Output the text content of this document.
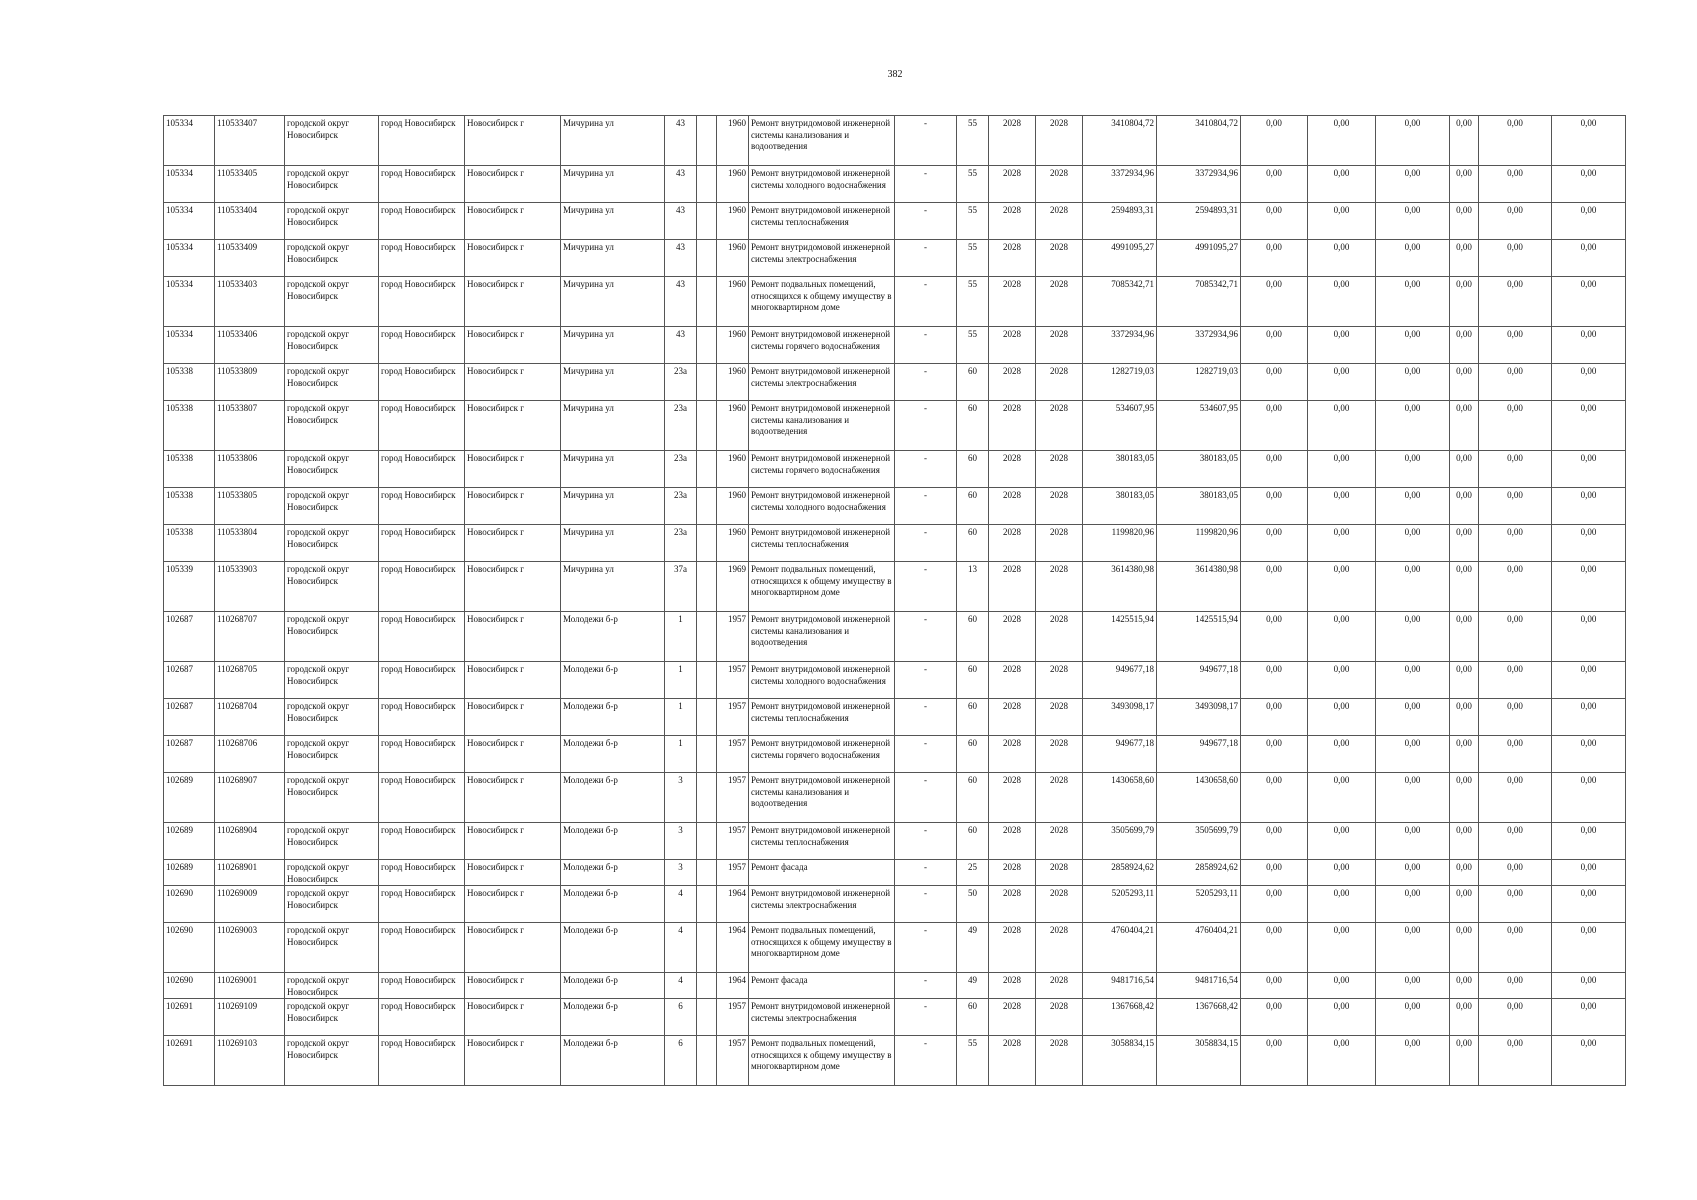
382
105334	110533407	городской округ Новосибирск	город Новосибирск	Новосибирск г	Мичурина ул	43		1960	Ремонт внутридомовой инженерной системы канализования и водоотведения	-	55	2028	2028	3410804,72	3410804,72	0,00	0,00	0,00	0,00	0,00	0,00
105334	110533405	городской округ Новосибирск	город Новосибирск	Новосибирск г	Мичурина ул	43		1960	Ремонт внутридомовой инженерной системы холодного водоснабжения	-	55	2028	2028	3372934,96	3372934,96	0,00	0,00	0,00	0,00	0,00	0,00
105334	110533404	городской округ Новосибирск	город Новосибирск	Новосибирск г	Мичурина ул	43		1960	Ремонт внутридомовой инженерной системы теплоснабжения	-	55	2028	2028	2594893,31	2594893,31	0,00	0,00	0,00	0,00	0,00	0,00
105334	110533409	городской округ Новосибирск	город Новосибирск	Новосибирск г	Мичурина ул	43		1960	Ремонт внутридомовой инженерной системы электроснабжения	-	55	2028	2028	4991095,27	4991095,27	0,00	0,00	0,00	0,00	0,00	0,00
105334	110533403	городской округ Новосибирск	город Новосибирск	Новосибирск г	Мичурина ул	43		1960	Ремонт подвальных помещений, относящихся к общему имуществу в многоквартирном доме	-	55	2028	2028	7085342,71	7085342,71	0,00	0,00	0,00	0,00	0,00	0,00
105334	110533406	городской округ Новосибирск	город Новосибирск	Новосибирск г	Мичурина ул	43		1960	Ремонт внутридомовой инженерной системы горячего водоснабжения	-	55	2028	2028	3372934,96	3372934,96	0,00	0,00	0,00	0,00	0,00	0,00
105338	110533809	городской округ Новосибирск	город Новосибирск	Новосибирск г	Мичурина ул	23а		1960	Ремонт внутридомовой инженерной системы электроснабжения	-	60	2028	2028	1282719,03	1282719,03	0,00	0,00	0,00	0,00	0,00	0,00
105338	110533807	городской округ Новосибирск	город Новосибирск	Новосибирск г	Мичурина ул	23а		1960	Ремонт внутридомовой инженерной системы канализования и водоотведения	-	60	2028	2028	534607,95	534607,95	0,00	0,00	0,00	0,00	0,00	0,00
105338	110533806	городской округ Новосибирск	город Новосибирск	Новосибирск г	Мичурина ул	23а		1960	Ремонт внутридомовой инженерной системы горячего водоснабжения	-	60	2028	2028	380183,05	380183,05	0,00	0,00	0,00	0,00	0,00	0,00
105338	110533805	городской округ Новосибирск	город Новосибирск	Новосибирск г	Мичурина ул	23а		1960	Ремонт внутридомовой инженерной системы холодного водоснабжения	-	60	2028	2028	380183,05	380183,05	0,00	0,00	0,00	0,00	0,00	0,00
105338	110533804	городской округ Новосибирск	город Новосибирск	Новосибирск г	Мичурина ул	23а		1960	Ремонт внутридомовой инженерной системы теплоснабжения	-	60	2028	2028	1199820,96	1199820,96	0,00	0,00	0,00	0,00	0,00	0,00
105339	110533903	городской округ Новосибирск	город Новосибирск	Новосибирск г	Мичурина ул	37а		1969	Ремонт подвальных помещений, относящихся к общему имуществу в многоквартирном доме	-	13	2028	2028	3614380,98	3614380,98	0,00	0,00	0,00	0,00	0,00	0,00
102687	110268707	городской округ Новосибирск	город Новосибирск	Новосибирск г	Молодежи б-р	1		1957	Ремонт внутридомовой инженерной системы канализования и водоотведения	-	60	2028	2028	1425515,94	1425515,94	0,00	0,00	0,00	0,00	0,00	0,00
102687	110268705	городской округ Новосибирск	город Новосибирск	Новосибирск г	Молодежи б-р	1		1957	Ремонт внутридомовой инженерной системы холодного водоснабжения	-	60	2028	2028	949677,18	949677,18	0,00	0,00	0,00	0,00	0,00	0,00
102687	110268704	городской округ Новосибирск	город Новосибирск	Новосибирск г	Молодежи б-р	1		1957	Ремонт внутридомовой инженерной системы теплоснабжения	-	60	2028	2028	3493098,17	3493098,17	0,00	0,00	0,00	0,00	0,00	0,00
102687	110268706	городской округ Новосибирск	город Новосибирск	Новосибирск г	Молодежи б-р	1		1957	Ремонт внутридомовой инженерной системы горячего водоснабжения	-	60	2028	2028	949677,18	949677,18	0,00	0,00	0,00	0,00	0,00	0,00
102689	110268907	городской округ Новосибирск	город Новосибирск	Новосибирск г	Молодежи б-р	3		1957	Ремонт внутридомовой инженерной системы канализования и водоотведения	-	60	2028	2028	1430658,60	1430658,60	0,00	0,00	0,00	0,00	0,00	0,00
102689	110268904	городской округ Новосибирск	город Новосибирск	Новосибирск г	Молодежи б-р	3		1957	Ремонт внутридомовой инженерной системы теплоснабжения	-	60	2028	2028	3505699,79	3505699,79	0,00	0,00	0,00	0,00	0,00	0,00
102689	110268901	городской округ Новосибирск	город Новосибирск	Новосибирск г	Молодежи б-р	3		1957	Ремонт фасада	-	25	2028	2028	2858924,62	2858924,62	0,00	0,00	0,00	0,00	0,00	0,00
102690	110269009	городской округ Новосибирск	город Новосибирск	Новосибирск г	Молодежи б-р	4		1964	Ремонт внутридомовой инженерной системы электроснабжения	-	50	2028	2028	5205293,11	5205293,11	0,00	0,00	0,00	0,00	0,00	0,00
102690	110269003	городской округ Новосибирск	город Новосибирск	Новосибирск г	Молодежи б-р	4		1964	Ремонт подвальных помещений, относящихся к общему имуществу в многоквартирном доме	-	49	2028	2028	4760404,21	4760404,21	0,00	0,00	0,00	0,00	0,00	0,00
102690	110269001	городской округ Новосибирск	город Новосибирск	Новосибирск г	Молодежи б-р	4		1964	Ремонт фасада	-	49	2028	2028	9481716,54	9481716,54	0,00	0,00	0,00	0,00	0,00	0,00
102691	110269109	городской округ Новосибирск	город Новосибирск	Новосибирск г	Молодежи б-р	6		1957	Ремонт внутридомовой инженерной системы электроснабжения	-	60	2028	2028	1367668,42	1367668,42	0,00	0,00	0,00	0,00	0,00	0,00
102691	110269103	городской округ Новосибирск	город Новосибирск	Новосибирск г	Молодежи б-р	6		1957	Ремонт подвальных помещений, относящихся к общему имуществу в многоквартирном доме	-	55	2028	2028	3058834,15	3058834,15	0,00	0,00	0,00	0,00	0,00	0,00
